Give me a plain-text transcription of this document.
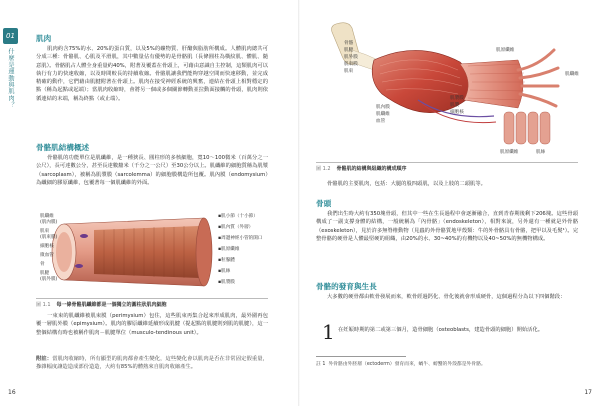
01
什麼是運動與肌肉？
肌肉

肌肉約含75%的水、20%的蛋白質，以及5%的礦物質、肝醣與脂肪所構成。人體肌肉總共可分成三種：骨骼肌、心肌及平滑肌，其中數量佔有優勢的是骨骼肌（長條圓柱為橫紋肌、體肌、隨意肌）。骨骼肌占人體全身重量約40%，附著及覆蓋在骨頭上，可藉由意識自主控制，這類肌肉可以執行有力的快速收縮，以及時間較長的持續收縮。骨骼肌讓我們能夠穿越空間而快速移動，並完成精確的動作，它們藉由肌腱附著在骨頭上。肌肉在接受神經系統的興奮，連結在骨頭上相對穩定的點（稱為起點或起端）；當肌肉收縮時，會將另一個或多個關節轉動並拉動面接觸的骨頭，肌肉則依循連結的末端，稱為終點（或止端）。

骨骼肌結構概述

骨骼肌的功能單位是肌纖維，是一種狹長、圓柱形的多核細胞，寬10～100微米（百萬分之一公尺），長可達數公分，甚至長達數釐米（千分之一公尺）至30公分以上。肌纖維的細胞質稱為肌漿（sarcoplasm），被稱為肌漿膜（sarcolemma）的細胞膜構造所包覆。肌內膜（endomysium）為纖細的膠原纖維，包覆著每一個肌纖維的外面。

肌纖維
(肌內膜)
肌束
(肌束膜)
細胞核
微血管
骨
肌腱
(肌外膜)
▪肌小節（十小節）
▪肌內質（外層）
▪周邊神經小管的開口
▪肌原纖維
▪粒腺體
▪肌絲
▪肌漿膜
圖 1.1 每一條骨骼肌纖維都是一個獨立的圓柱狀肌肉細胞

一束束的肌纖維被肌束膜（perimysium）包住，這些肌束再集合起來形成肌肉，最外圍再包覆一層肌外膜（epimysium）。肌肉的膠原纖維延續形成肌腱（提起點的肌腱則到肌的肌腱），這一整個結構有時也被稱作肌肉－肌腱單位（musculo-tendinous unit）。

附註：當肌肉收縮時，所有顯型的肌肉都會產生變化，這些變化會以肌肉是否在非常固定假重量，摻雜幅度讓造造成部份造造，大約有85%的體熱來自肌肉收縮產生。

16
骨骼
肌腱
肌外膜
肌束膜
肌束
肌內膜
肌纖維
血管
肌原纖維
肌纖維
肌漿膜
肌漿
細胞核
肌原纖維	肌絲
圖 1.2 骨骼肌的結構與組織的構成順序

骨骼肌的主要肌肉，包括：大腿的股四頭肌，以及上肢的二頭肌等。

骨頭

我們出生時大約有350塊骨頭，但其中一些在生長過程中會逐漸融合，直到青春期後剩下206塊。這些骨頭構成了一副支撐身體的結構，一般統稱為「內骨骼」（endoskeleton），相對來說，另外還有一種就是外骨骼（exoskeleton），見於許多無脊椎動物（見蟲的外骨骼質地甲殼類：牛的外骨骼具有骨骼，把甲以及毛髮¹）。完整骨骼的硬骨是人體最堅硬的組織，由20%的水、30~40%的有機物以及40~50%的無機物構成。

骨骼的發育與生長

大多數的硬骨都由軟骨發展而來，軟骨經過鈣化、骨化後就會形成硬骨，這個過程分為以下四個階段：

1 在妊娠時期的第二或第三個月，造骨細胞（osteoblasts，建造骨頭的細胞）開始活化。
註 1 外骨骼由外胚層（ectoderm）發育而來，蝸牛、螃蟹的外殼都是外骨骼。
17
